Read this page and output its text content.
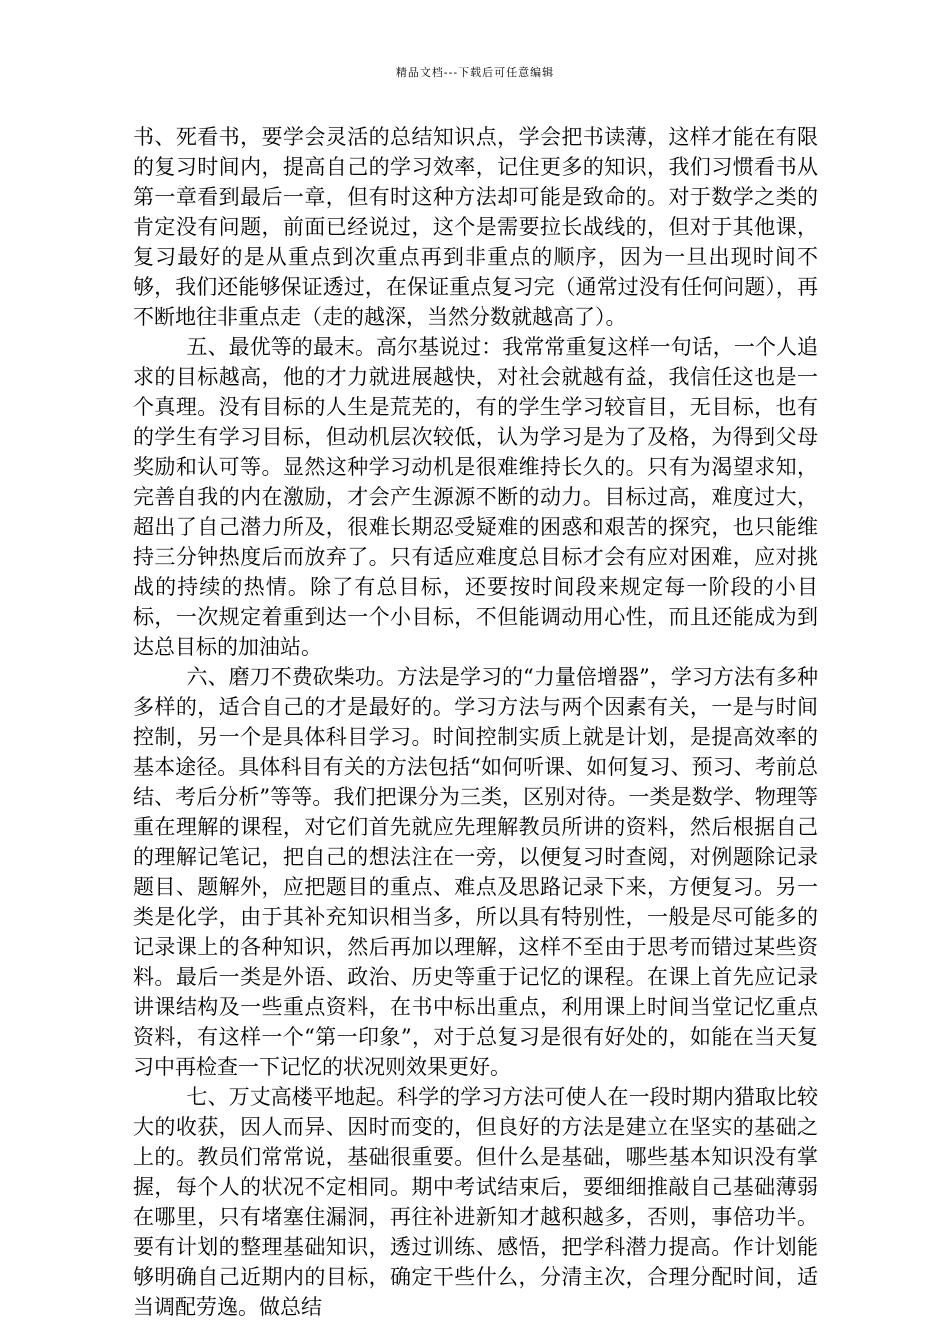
精品文档---下载后可任意编辑

书、死看书，要学会灵活的总结知识点，学会把书读薄，这样才能在有限的复习时间内，提高自己的学习效率，记住更多的知识，我们习惯看书从第一章看到最后一章，但有时这种方法却可能是致命的。对于数学之类的肯定没有问题，前面已经说过，这个是需要拉长战线的，但对于其他课，复习最好的是从重点到次重点再到非重点的顺序，因为一旦出现时间不够，我们还能够保证透过，在保证重点复习完（通常过没有任何问题），再不断地往非重点走（走的越深，当然分数就越高了）。

五、最优等的最末。高尔基说过：我常常重复这样一句话，一个人追求的目标越高，他的才力就进展越快，对社会就越有益，我信任这也是一个真理。没有目标的人生是荒芜的，有的学生学习较盲目，无目标，也有的学生有学习目标，但动机层次较低，认为学习是为了及格，为得到父母奖励和认可等。显然这种学习动机是很难维持长久的。只有为渴望求知，完善自我的内在激励，才会产生源源不断的动力。目标过高，难度过大，超出了自己潜力所及，很难长期忍受疑难的困惑和艰苦的探究，也只能维持三分钟热度后而放弃了。只有适应难度总目标才会有应对困难，应对挑战的持续的热情。除了有总目标，还要按时间段来规定每一阶段的小目标，一次规定着重到达一个小目标，不但能调动用心性，而且还能成为到达总目标的加油站。

六、磨刀不费砍柴功。方法是学习的“力量倍增器”，学习方法有多种多样的，适合自己的才是最好的。学习方法与两个因素有关，一是与时间控制，另一个是具体科目学习。时间控制实质上就是计划，是提高效率的基本途径。具体科目有关的方法包括“如何听课、如何复习、预习、考前总结、考后分析”等等。我们把课分为三类，区别对待。一类是数学、物理等重在理解的课程，对它们首先就应先理解教员所讲的资料，然后根据自己的理解记笔记，把自己的想法注在一旁，以便复习时查阅，对例题除记录题目、题解外，应把题目的重点、难点及思路记录下来，方便复习。另一类是化学，由于其补充知识相当多，所以具有特别性，一般是尽可能多的记录课上的各种知识，然后再加以理解，这样不至由于思考而错过某些资料。最后一类是外语、政治、历史等重于记忆的课程。在课上首先应记录讲课结构及一些重点资料，在书中标出重点，利用课上时间当堂记忆重点资料，有这样一个“第一印象”，对于总复习是很有好处的，如能在当天复习中再检查一下记忆的状况则效果更好。

七、万丈高楼平地起。科学的学习方法可使人在一段时期内猎取比较大的收获，因人而异、因时而变的，但良好的方法是建立在坚实的基础之上的。教员们常常说，基础很重要。但什么是基础，哪些基本知识没有掌握，每个人的状况不定相同。期中考试结束后，要细细推敲自己基础薄弱在哪里，只有堵塞住漏洞，再往补进新知才越积越多，否则，事倍功半。要有计划的整理基础知识，透过训练、感悟，把学科潜力提高。作计划能够明确自己近期内的目标，确定干些什么，分清主次，合理分配时间，适当调配劳逸。做总结
